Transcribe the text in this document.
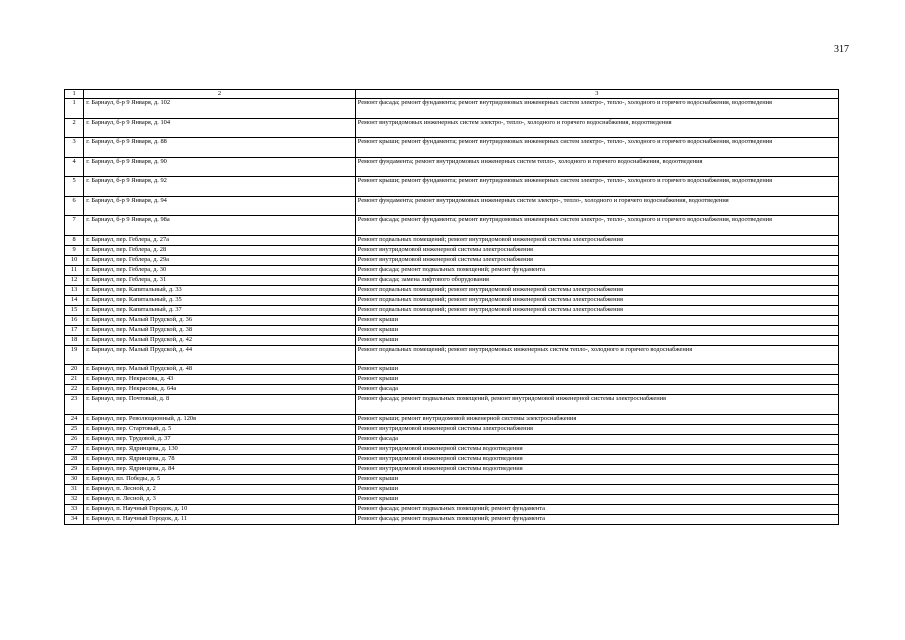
317
1	2	3
1	г. Барнаул, б-р 9 Января, д. 102	Ремонт фасада; ремонт фундамента; ремонт внутридомовых инженерных систем электро-, тепло-, холодного и горячего водоснабжения, водоотведения
2	г. Барнаул, б-р 9 Января, д. 104	Ремонт внутридомовых инженерных систем электро-, тепло-, холодного и горячего водоснабжения, водоотведения
3	г. Барнаул, б-р 9 Января, д. 88	Ремонт крыши; ремонт фундамента; ремонт внутридомовых инженерных систем электро-, тепло-, холодного и горячего водоснабжения, водоотведения
4	г. Барнаул, б-р 9 Января, д. 90	Ремонт фундамента; ремонт внутридомовых инженерных систем тепло-, холодного и горячего водоснабжения, водоотведения
5	г. Барнаул, б-р 9 Января, д. 92	Ремонт крыши; ремонт фундамента; ремонт внутридомовых инженерных систем электро-, тепло-, холодного и горячего водоснабжения, водоотведения
6	г. Барнаул, б-р 9 Января, д. 94	Ремонт фундамента; ремонт внутридомовых инженерных систем электро-, тепло-, холодного и горячего водоснабжения, водоотведения
7	г. Барнаул, б-р 9 Января, д. 98а	Ремонт фасада; ремонт фундамента; ремонт внутридомовых инженерных систем электро-, тепло-, холодного и горячего водоснабжения, водоотведения
8	г. Барнаул, пер. Геблера, д. 27а	Ремонт подвальных помещений; ремонт внутридомовой инженерной системы электроснабжения
9	г. Барнаул, пер. Геблера, д. 28	Ремонт внутридомовой инженерной системы электроснабжения
10	г. Барнаул, пер. Геблера, д. 29а	Ремонт внутридомовой инженерной системы электроснабжения
11	г. Барнаул, пер. Геблера, д. 30	Ремонт фасада; ремонт подвальных помещений; ремонт фундамента
12	г. Барнаул, пер. Геблера, д. 31	Ремонт фасада; замена лифтового оборудования
13	г. Барнаул, пер. Капитальный, д. 33	Ремонт подвальных помещений; ремонт внутридомовой инженерной системы электроснабжения
14	г. Барнаул, пер. Капитальный, д. 35	Ремонт подвальных помещений; ремонт внутридомовой инженерной системы электроснабжения
15	г. Барнаул, пер. Капитальный, д. 37	Ремонт подвальных помещений; ремонт внутридомовой инженерной системы электроснабжения
16	г. Барнаул, пер. Малый Прудской, д. 36	Ремонт крыши
17	г. Барнаул, пер. Малый Прудской, д. 38	Ремонт крыши
18	г. Барнаул, пер. Малый Прудской, д. 42	Ремонт крыши
19	г. Барнаул, пер. Малый Прудской, д. 44	Ремонт подвальных помещений; ремонт внутридомовых инженерных систем тепло-, холодного и горячего водоснабжения
20	г. Барнаул, пер. Малый Прудской, д. 48	Ремонт крыши
21	г. Барнаул, пер. Некрасова, д. 43	Ремонт крыши
22	г. Барнаул, пер. Некрасова, д. 64а	Ремонт фасада
23	г. Барнаул, пер. Почтовый, д. 8	Ремонт фасада; ремонт подвальных помещений, ремонт внутридомовой инженерной системы электроснабжения
24	г. Барнаул, пер. Революционный, д. 120в	Ремонт крыши; ремонт внутридомовой инженерной системы электроснабжения
25	г. Барнаул, пер. Стартовый, д. 5	Ремонт внутридомовой инженерной системы электроснабжения
26	г. Барнаул, пер. Трудовой, д. 37	Ремонт фасада
27	г. Барнаул, пер. Ядринцева, д. 130	Ремонт внутридомовой инженерной системы водоотведения
28	г. Барнаул, пер. Ядринцева, д. 78	Ремонт внутридомовой инженерной системы водоотведения
29	г. Барнаул, пер. Ядринцева, д. 84	Ремонт внутридомовой инженерной системы водоотведения
30	г. Барнаул, пл. Победы, д. 5	Ремонт крыши
31	г. Барнаул, п. Лесной, д. 2	Ремонт крыши
32	г. Барнаул, п. Лесной, д. 3	Ремонт крыши
33	г. Барнаул, п. Научный Городок, д. 10	Ремонт фасада; ремонт подвальных помещений; ремонт фундамента
34	г. Барнаул, п. Научный Городок, д. 11	Ремонт фасада; ремонт подвальных помещений; ремонт фундамента
